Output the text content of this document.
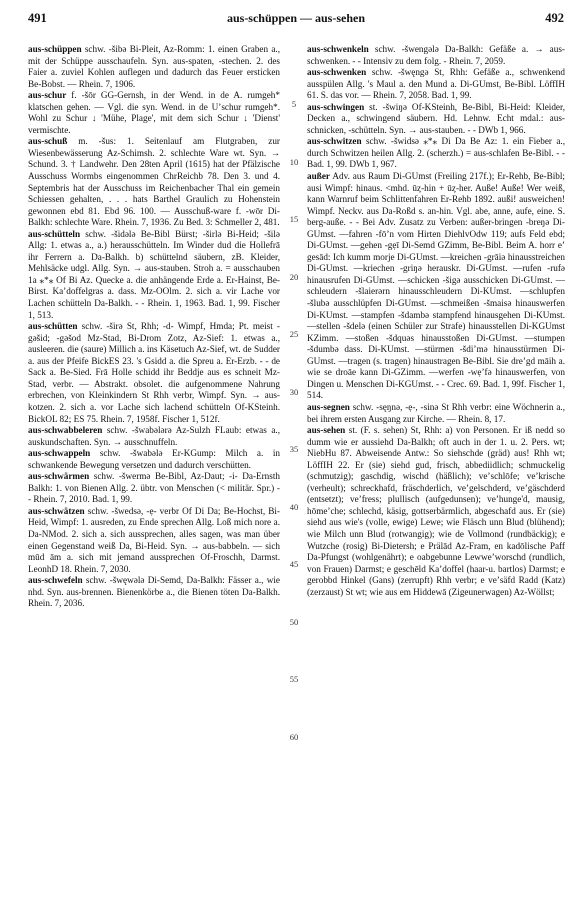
491	aus-schüppen — aus-sehen	492

aus-schüppen schw. -šibə Bi-Pleit, Az-Romm: 1. einen Graben a., mit der Schüppe ausschaufeln. Syn. aus-spaten, -stechen. 2. des Faier a. zuviel Kohlen auflegen und dadurch das Feuer ersticken Be-Bobst. — Rhein. 7, 1906.

aus-schur f. -šōr GG-Gernsh, in der Wend. in de A. rumgeh* klatschen gehen. — Vgl. die syn. Wend. in de Uʼschur rumgeh*. Wohl zu Schur ↓ 'Mühe, Plage', mit dem sich Schur ↓ 'Dienst' vermischte.

aus-schuß m. -šus: 1. Seitenlauf am Flutgraben, zur Wiesenbewässerung Az-Schimsh. 2. schlechte Ware wt. Syn. → Schund. 3. † Landwehr. Den 28ten April (1615) hat der Pfälzische Ausschuss Wormbs eingenommen ChrReichb 78. Den 3. und 4. Septembris hat der Ausschuss im Reichenbacher Thal ein gemein Schiessen gehalten, . . . hats Barthel Graulich zu Hohenstein gewonnen ebd 81. Ebd 96. 100. — Ausschuß-ware f. -wōr Di-Balkh: schlechte Ware. Rhein. 7, 1936. Zu Bed. 3: Schmeller 2, 481.

aus-schütteln schw. -šidələ Be-Bibl Bürst; -širlə Bi-Heid; -šilə Allg: 1. etwas a., a.) herausschütteln. Im Winder dud die Hollefrā ihr Ferrern a. Da-Balkh. b) schüttelnd säubern, zB. Kleider, Mehlsäcke udgl. Allg. Syn. → aus-stauben. Stroh a. = ausschauben 1a ⁎*⁎ Of Bi Az. Quecke a. die anhängende Erde a. Er-Hainst, Be-Birst. Kaʼdoffelgras a. dass. Mz-OOlm. 2. sich a. vir Lache vor Lachen schütteln Da-Balkh. - - Rhein. 1, 1963. Bad. 1, 99. Fischer 1, 513.

aus-schütten schw. -širə St, Rhh; -d- Wimpf, Hmda; Pt. meist -gəšid; -gəšod Mz-Stad, Bi-Drom Zotz, Az-Sief: 1. etwas a., ausleeren. die (saure) Millich a. ins Käsetuch Az-Sief, wt. de Sudder a. aus der Pfeife BickES 23. 's Gsidd a. die Spreu a. Er-Erzb. - - de Sack a. Be-Sied. Frā Holle schidd ihr Beddje aus es schneit Mz-Stad, verbr. — Abstrakt. obsolet. die aufgenommene Nahrung erbrechen, von Kleinkindern St Rhh verbr, Wimpf. Syn. → aus-kotzen. 2. sich a. vor Lache sich lachend schütteln Of-KStein​h. BickOL 82; ES 75. Rhein. 7, 1958f. Fischer 1, 512f.

aus-schwabbeleren schw. -šwabələrə Az-Sulzh FLaub: etwas a., auskundschaften. Syn. → ausschnuffeln.

aus-schwappeln schw. -šwabələ Er-KGump: Milch a. in schwankende Bewegung versetzen und dadurch verschütten.

aus-schwärmen schw. -šwermə Be-Bibl, Az-Daut; -i- Da-Ernsth Balkh: 1. von Bienen Allg. 2. übtr. von Menschen (< militär. Spr.) - - Rhein. 7, 2010. Bad. 1, 99.

aus-schwätzen schw. -šwedsə, -ẹ- verbr Of Di Da; Be-Hochst, Bi-Heid, Wimpf: 1. ausreden, zu Ende sprechen Allg. Loß mich nore a. Da-NMod. 2. sich a. sich aussprechen, alles sagen, was man über einen Gegenstand weiß Da, Bi-Heid. Syn. → aus-babbeln. — sich mūd ām a. sich mit jemand aussprechen Of-Froschh, Darmst. LeonhD 18. Rhein. 7, 2030.

aus-schwefeln schw. -šwęwələ Di-Semd, Da-Balkh: Fässer a., wie nhd. Syn. aus-brennen. Bienenkörbe a., die Bienen töten Da-Balkh. Rhein. 7, 2036.

5
10
15
20
25
30
35
40
45
50
55
60

aus-schwenkeln schw. -šwengələ Da-Balkh: Gefäße a. → aus-schwenken. - - Intensiv zu dem folg. - Rhein. 7, 2059.

aus-schwenken schw. -šwęngə St, Rhh: Gefäße a., schwenkend ausspülen Allg. 's Maul a. den Mund a. Di-GUmst, Be-Bibl. LöffIH 61. S. das vor. — Rhein. 7, 2058. Bad. 1, 99.

aus-schwingen st. -šwiŋə Of-KStein​h, Be-Bibl, Bi-Heid: Kleider, Decken a., schwingend säubern. Hd. Lehnw. Echt mdal.: aus-schnicken, -schütteln. Syn. → aus-stauben. - - DWb 1, 966.

aus-schwitzen schw. -šwidsə ⁎*⁎ Di Da Be Az: 1. ein Fieber a., durch Schwitzen heilen Allg. 2. (scherzh.) = aus-schlafen Be-Bibl. - - Bad. 1, 99. DWb 1, 967.

außer Adv. aus Raum Di-GUmst (Freiling 217f.); Er-Rehb, Be-Bibl; ausi Wimpf: hinaus. <mhd. ūȥ-hin + ūȥ-her. Auße! Auße! Wer weiß, kann Warnruf beim Schlittenfahren Er-Rehb 1892. außi! ausweichen! Wimpf. Neckv. aus Da-Roßd s. an-hin. Vgl. abe, anne, aufe, eine. S. berg-auße. - - Bei Adv. Zusatz zu Verben: außer-bringen -breŋə Di-GUmst. —fahren -fōʼn vom Hirten DiehlvOdw 119; aufs Feld ebd; Di-GUmst. —gehen -gẹī Di-Semd GZimm, Be-Bibl. Beim A. horr eʼ gesād: Ich kumm morje Di-GUmst. —kreichen -grāiə hinausstreichen Di-GUmst. —kriechen -griŋə herauskr. Di-GUmst. —rufen -rufə hinausrufen Di-GUmst. —schicken -šigə ausschicken Di-GUmst. —schleudern -šlaierərn hinausschleudern Di-KUmst. —schlupfen -šlubə ausschlüpfen Di-GUmst. —schmeißen -šmaisə hinauswerfen Di-KUmst. —stampfen -šdambə stampfend hinausgehen Di-KUmst. —stellen -šdelə (einen Schüler zur Strafe) hinausstellen Di-KGUmst KZimm. —stoßen -šdquəs hinausstoßen Di-GUmst. —stumpen -šdumbə dass. Di-KUmst. —stürmen -šdiʼmə hinausstürmen Di-GUmst. —tragen (s. tragen) hinaustragen Be-Bibl. Sie dreʼgd māih a. wie se droāe kann Di-GZimm. —werfen -wẹʼfə hinauswerfen, von Dingen u. Menschen Di-KGUmst. - - Crec. 69. Bad. 1, 99f. Fischer 1, 514.

aus-segnen schw. -sęŋnə, -ẹ-, -sinə St Rhh verbr: eine Wöchnerin a., bei ihrem ersten Ausgang zur Kirche. — Rhein. 8, 17.

aus-sehen st. (F. s. sehen) St, Rhh: a) von Personen. Er iß nedd so dumm wie er aussiehd Da-Balkh; oft auch in der 1. u. 2. Pers. wt; NiebHu 87. Abweisende Antw.: So siehschde (gräd) aus! Rhh wt; LöffIH 22. Er (sie) siehd gud, frisch, abbediidlich; schmuckelig (schmutzig); gaschdig, wischd (häßlich); veʼschlōfe; veʼkrische (verheult); schreckhafd, fräschderlich, veʼgelschderd, veʼgäschderd (entsetzt); veʼfress; plullisch (aufgedunsen); veʼhunge'd, mausig, hōmeʼche; schlechd, käsig, gottserbärmlich, abgeschafd aus. Er (sie) siehd aus wie's (volle, ewige) Lewe; wie Fläsch unn Blud (blühend); wie Milch unn Blud (rotwangig); wie de Vollmond (rundbäckig); e Wutzche (rosig) Bi-Dietersh; e Prälād Az-Fram, en kadōlische Paff Da-Pfungst (wohlgenährt); e oabgebunne Lewweʼworschd (rundlich, von Frauen) Darmst; e geschēld Kaʼdoffel (haar-u. bartlos) Darmst; e gerobbd Hinkel (Gans) (zerrupft) Rhh verbr; e veʼsäfd Radd (Katz) (zerzaust) St wt; wie aus em Hiddewā (Zigeunerwagen) Az-Wöllst;
